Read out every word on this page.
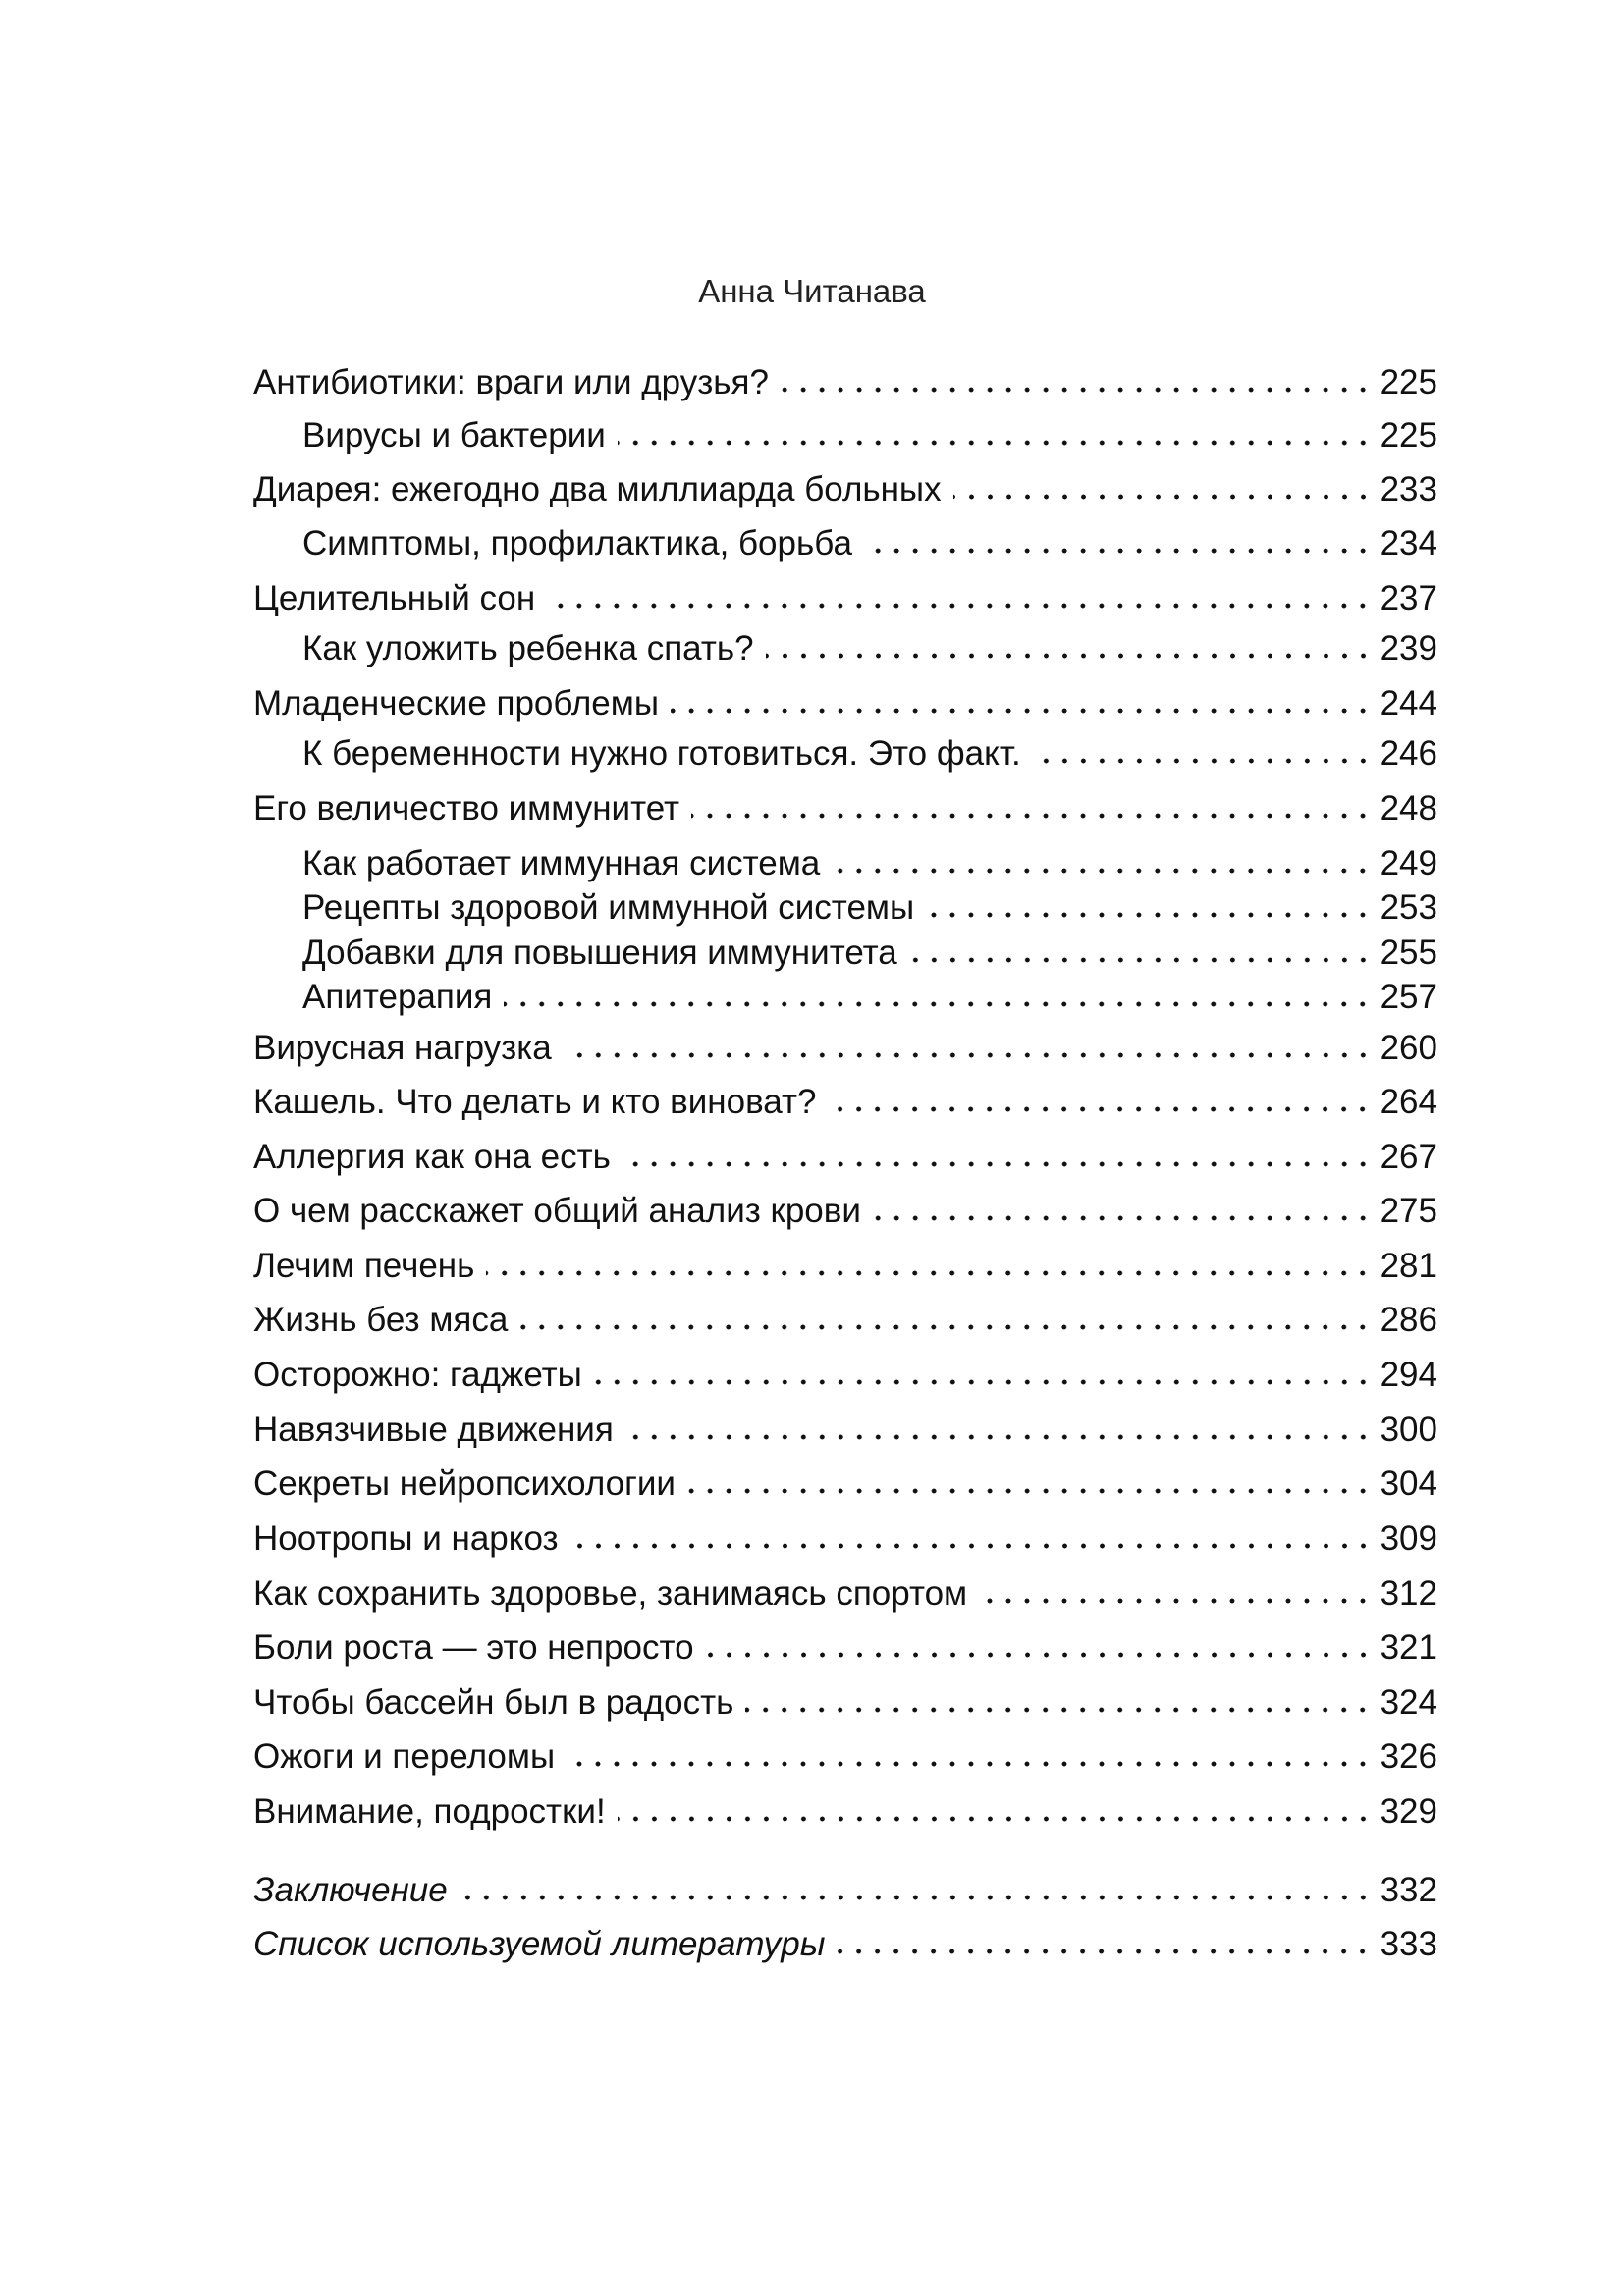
Анна Читанава
Антибиотики: враги или друзья?	225
Вирусы и бактерии	225
Диарея: ежегодно два миллиарда больных	233
Симптомы, профилактика, борьба	234
Целительный сон	237
Как уложить ребенка спать?	239
Младенческие проблемы	244
К беременности нужно готовиться. Это факт.	246
Его величество иммунитет	248
Как работает иммунная система	249
Рецепты здоровой иммунной системы	253
Добавки для повышения иммунитета	255
Апитерапия	257
Вирусная нагрузка	260
Кашель. Что делать и кто виноват?	264
Аллергия как она есть	267
О чем расскажет общий анализ крови	275
Лечим печень	281
Жизнь без мяса	286
Осторожно: гаджеты	294
Навязчивые движения	300
Секреты нейропсихологии	304
Ноотропы и наркоз	309
Как сохранить здоровье, занимаясь спортом	312
Боли роста — это непросто	321
Чтобы бассейн был в радость	324
Ожоги и переломы	326
Внимание, подростки!	329
Заключение	332
Список используемой литературы	333
